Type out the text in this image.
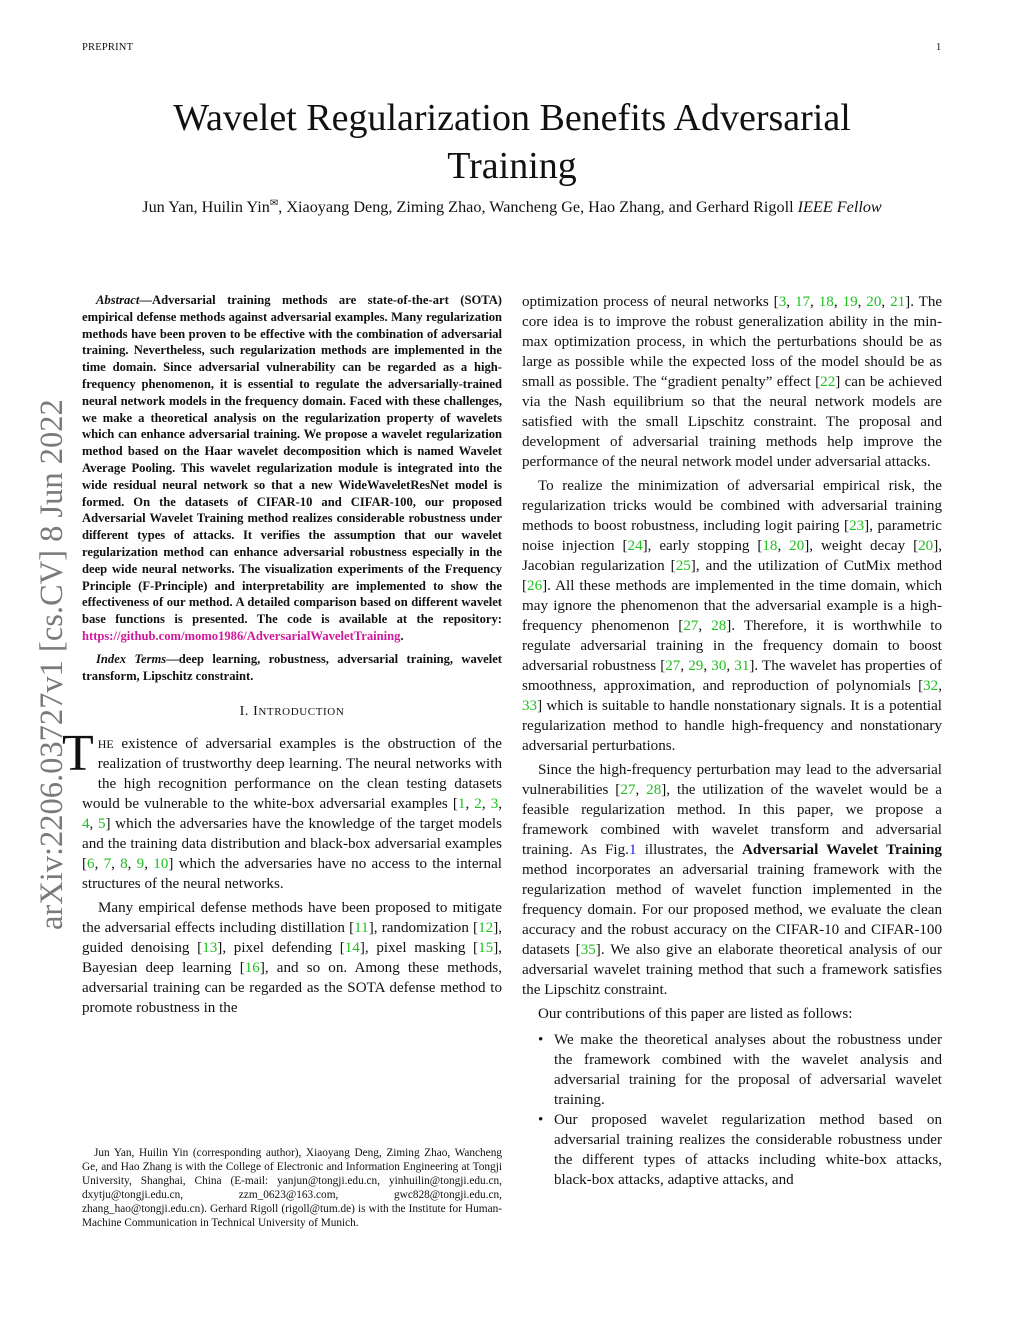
PREPRINT	1
arXiv:2206.03727v1 [cs.CV] 8 Jun 2022
Wavelet Regularization Benefits Adversarial Training
Jun Yan, Huilin Yin✉, Xiaoyang Deng, Ziming Zhao, Wancheng Ge, Hao Zhang, and Gerhard Rigoll IEEE Fellow
Abstract—Adversarial training methods are state-of-the-art (SOTA) empirical defense methods against adversarial examples. Many regularization methods have been proven to be effective with the combination of adversarial training. Nevertheless, such regularization methods are implemented in the time domain. Since adversarial vulnerability can be regarded as a high-frequency phenomenon, it is essential to regulate the adversarially-trained neural network models in the frequency domain. Faced with these challenges, we make a theoretical analysis on the regularization property of wavelets which can enhance adversarial training. We propose a wavelet regularization method based on the Haar wavelet decomposition which is named Wavelet Average Pooling. This wavelet regularization module is integrated into the wide residual neural network so that a new WideWaveletResNet model is formed. On the datasets of CIFAR-10 and CIFAR-100, our proposed Adversarial Wavelet Training method realizes considerable robustness under different types of attacks. It verifies the assumption that our wavelet regularization method can enhance adversarial robustness especially in the deep wide neural networks. The visualization experiments of the Frequency Principle (F-Principle) and interpretability are implemented to show the effectiveness of our method. A detailed comparison based on different wavelet base functions is presented. The code is available at the repository: https://github.com/momo1986/AdversarialWaveletTraining.
Index Terms—deep learning, robustness, adversarial training, wavelet transform, Lipschitz constraint.
I. INTRODUCTION

THE existence of adversarial examples is the obstruction of the realization of trustworthy deep learning. The neural networks with the high recognition performance on the clean testing datasets would be vulnerable to the white-box adversarial examples [1, 2, 3, 4, 5] which the adversaries have the knowledge of the target models and the training data distribution and black-box adversarial examples [6, 7, 8, 9, 10] which the adversaries have no access to the internal structures of the neural networks.

Many empirical defense methods have been proposed to mitigate the adversarial effects including distillation [11], randomization [12], guided denoising [13], pixel defending [14], pixel masking [15], Bayesian deep learning [16], and so on. Among these methods, adversarial training can be regarded as the SOTA defense method to promote robustness in the

Jun Yan, Huilin Yin (corresponding author), Xiaoyang Deng, Ziming Zhao, Wancheng Ge, and Hao Zhang is with the College of Electronic and Information Engineering at Tongji University, Shanghai, China (E-mail: yanjun@tongji.edu.cn, yinhuilin@tongji.edu.cn, dxytju@tongji.edu.cn, zzm_0623@163.com, gwc828@tongji.edu.cn, zhang_hao@tongji.edu.cn). Gerhard Rigoll (rigoll@tum.de) is with the Institute for Human-Machine Communication in Technical University of Munich.

optimization process of neural networks [3, 17, 18, 19, 20, 21]. The core idea is to improve the robust generalization ability in the min-max optimization process, in which the perturbations should be as large as possible while the expected loss of the model should be as small as possible. The “gradient penalty” effect [22] can be achieved via the Nash equilibrium so that the neural network models are satisfied with the small Lipschitz constraint. The proposal and development of adversarial training methods help improve the performance of the neural network model under adversarial attacks.

To realize the minimization of adversarial empirical risk, the regularization tricks would be combined with adversarial training methods to boost robustness, including logit pairing [23], parametric noise injection [24], early stopping [18, 20], weight decay [20], Jacobian regularization [25], and the utilization of CutMix method [26]. All these methods are implemented in the time domain, which may ignore the phenomenon that the adversarial example is a high-frequency phenomenon [27, 28]. Therefore, it is worthwhile to regulate adversarial training in the frequency domain to boost adversarial robustness [27, 29, 30, 31]. The wavelet has properties of smoothness, approximation, and reproduction of polynomials [32, 33] which is suitable to handle nonstationary signals. It is a potential regularization method to handle high-frequency and nonstationary adversarial perturbations.

Since the high-frequency perturbation may lead to the adversarial vulnerabilities [27, 28], the utilization of the wavelet would be a feasible regularization method. In this paper, we propose a framework combined with wavelet transform and adversarial training. As Fig.1 illustrates, the Adversarial Wavelet Training method incorporates an adversarial training framework with the regularization method of wavelet function implemented in the frequency domain. For our proposed method, we evaluate the clean accuracy and the robust accuracy on the CIFAR-10 and CIFAR-100 datasets [35]. We also give an elaborate theoretical analysis of our adversarial wavelet training method that such a framework satisfies the Lipschitz constraint.

Our contributions of this paper are listed as follows:

• We make the theoretical analyses about the robustness under the framework combined with the wavelet analysis and adversarial training for the proposal of adversarial wavelet training.
• Our proposed wavelet regularization method based on adversarial training realizes the considerable robustness under the different types of attacks including white-box attacks, black-box attacks, adaptive attacks, and
